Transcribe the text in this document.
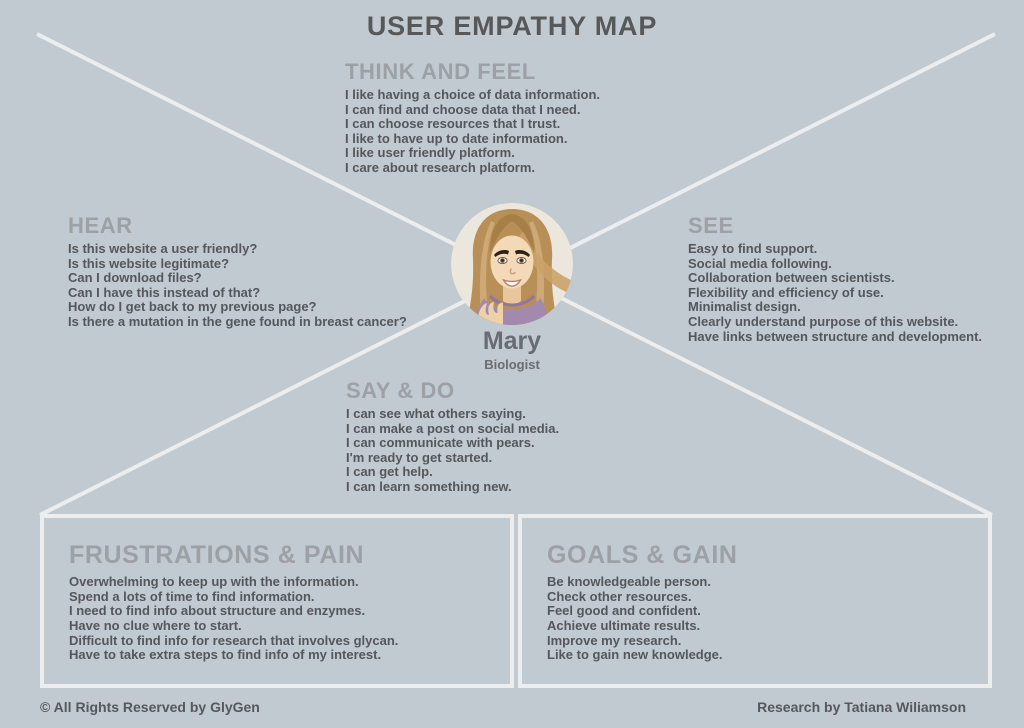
USER EMPATHY MAP
THINK AND FEEL
I like having a choice of data information.
I can find and choose data that I need.
I can choose resources that I trust.
I like to have up to date information.
I like user friendly platform.
I care about research platform.
HEAR
Is this website a user friendly?
Is this website legitimate?
Can I download files?
Can I have this instead of that?
How do I get back to my previous page?
Is there a mutation in the gene found in breast cancer?
SEE
Easy to find support.
Social media following.
Collaboration between scientists.
Flexibility and efficiency of use.
Minimalist design.
Clearly understand purpose of this website.
Have links between structure and development.
SAY & DO
I can see what others saying.
I can make a post on social media.
I can communicate with pears.
I'm ready to get started.
I can get help.
I can learn something new.
Mary
Biologist
FRUSTRATIONS & PAIN
Overwhelming to keep up with the information.
Spend a lots of time to find information.
I need to find info about structure and enzymes.
Have no clue where to start.
Difficult to find info for research that involves glycan.
Have to take extra steps to find info of my interest.
GOALS & GAIN
Be knowledgeable person.
Check other resources.
Feel good and confident.
Achieve ultimate results.
Improve my research.
Like to gain new knowledge.
© All Rights Reserved by GlyGen	Research by Tatiana Wiliamson
